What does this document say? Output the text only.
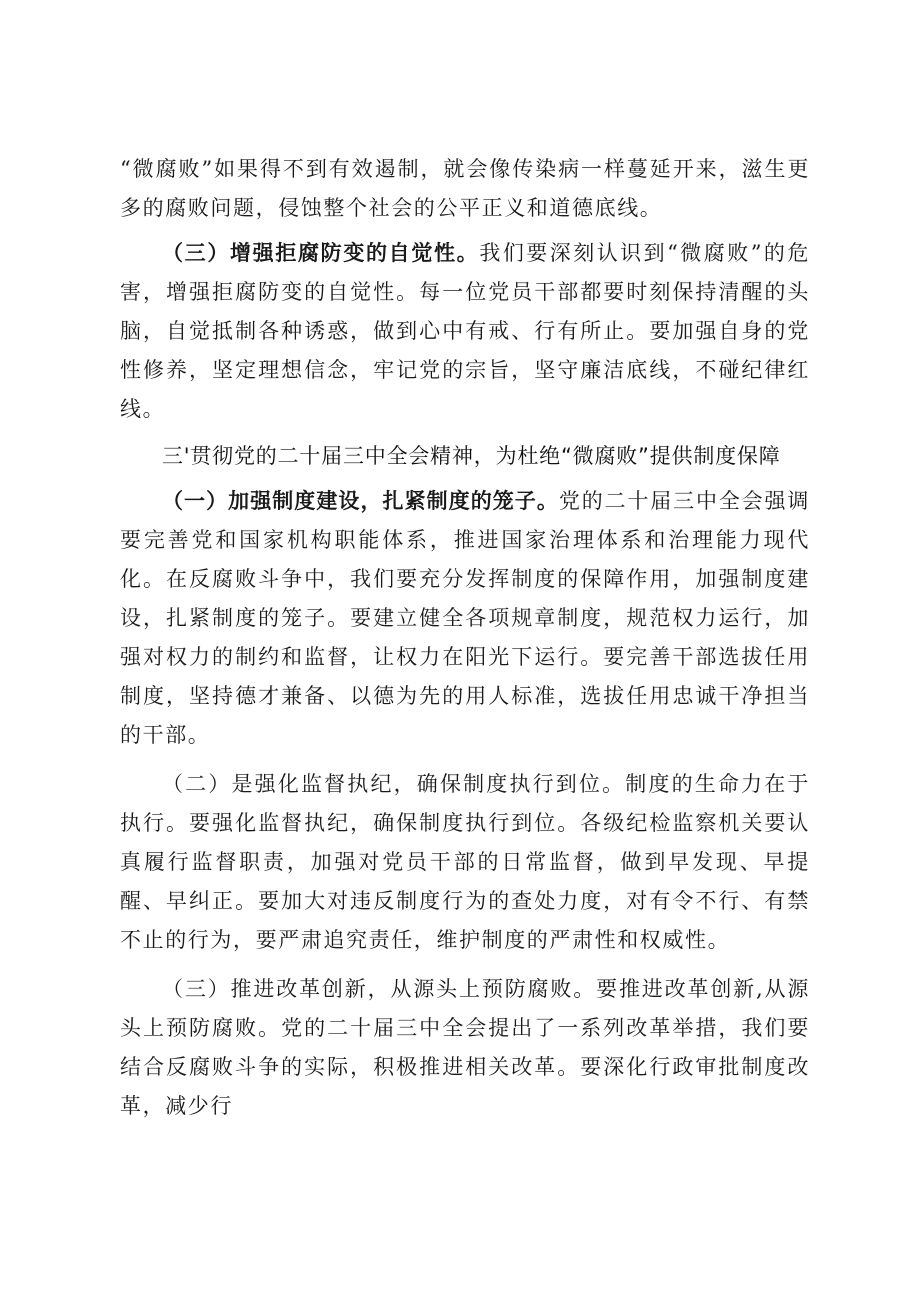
“微腐败”如果得不到有效遏制，就会像传染病一样蔓延开来，滋生更多的腐败问题，侵蚀整个社会的公平正义和道德底线。

（三）增强拒腐防变的自觉性。我们要深刻认识到“微腐败”的危害，增强拒腐防变的自觉性。每一位党员干部都要时刻保持清醒的头脑，自觉抵制各种诱惑，做到心中有戒、行有所止。要加强自身的党性修养，坚定理想信念，牢记党的宗旨，坚守廉洁底线，不碰纪律红线。

三'贯彻党的二十届三中全会精神，为杜绝“微腐败”提供制度保障

（一）加强制度建设，扎紧制度的笼子。党的二十届三中全会强调要完善党和国家机构职能体系，推进国家治理体系和治理能力现代化。在反腐败斗争中，我们要充分发挥制度的保障作用，加强制度建设，扎紧制度的笼子。要建立健全各项规章制度，规范权力运行，加强对权力的制约和监督，让权力在阳光下运行。要完善干部选拔任用制度，坚持德才兼备、以德为先的用人标准，选拔任用忠诚干净担当的干部。

（二）是强化监督执纪，确保制度执行到位。制度的生命力在于执行。要强化监督执纪，确保制度执行到位。各级纪检监察机关要认真履行监督职责，加强对党员干部的日常监督，做到早发现、早提醒、早纠正。要加大对违反制度行为的查处力度，对有令不行、有禁不止的行为，要严肃追究责任，维护制度的严肃性和权威性。

（三）推进改革创新，从源头上预防腐败。要推进改革创新,从源头上预防腐败。党的二十届三中全会提出了一系列改革举措，我们要结合反腐败斗争的实际，积极推进相关改革。要深化行政审批制度改革，减少行
